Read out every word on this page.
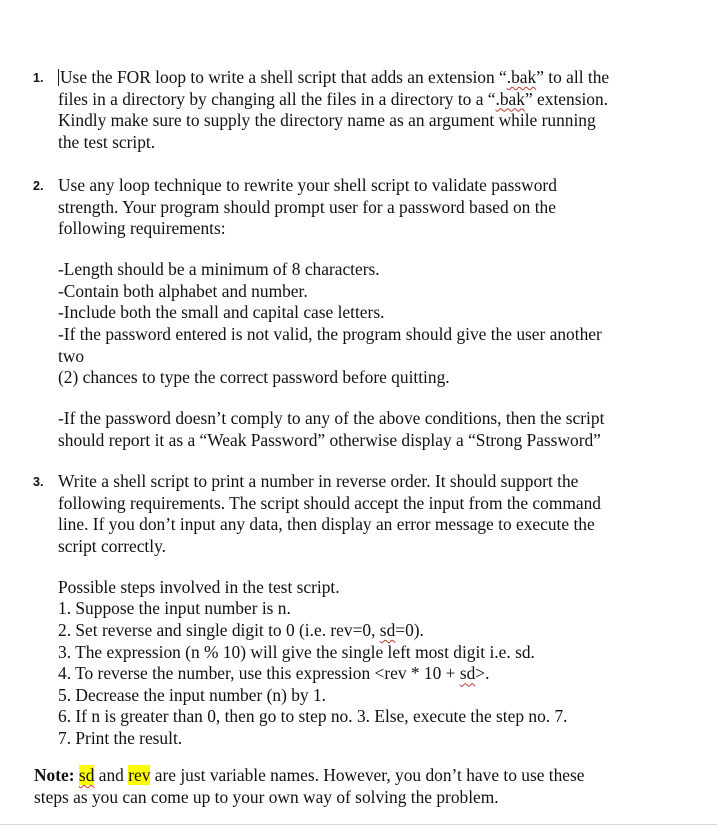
1. Use the FOR loop to write a shell script that adds an extension “.bak” to all the
files in a directory by changing all the files in a directory to a “.bak” extension.
Kindly make sure to supply the directory name as an argument while running
the test script.
2. Use any loop technique to rewrite your shell script to validate password
strength. Your program should prompt user for a password based on the
following requirements:
-Length should be a minimum of 8 characters.
-Contain both alphabet and number.
-Include both the small and capital case letters.
-If the password entered is not valid, the program should give the user another
two
(2) chances to type the correct password before quitting.
-If the password doesn’t comply to any of the above conditions, then the script
should report it as a “Weak Password” otherwise display a “Strong Password”
3. Write a shell script to print a number in reverse order. It should support the
following requirements. The script should accept the input from the command
line. If you don’t input any data, then display an error message to execute the
script correctly.
Possible steps involved in the test script.
1. Suppose the input number is n.
2. Set reverse and single digit to 0 (i.e. rev=0, sd=0).
3. The expression (n % 10) will give the single left most digit i.e. sd.
4. To reverse the number, use this expression <rev * 10 + sd>.
5. Decrease the input number (n) by 1.
6. If n is greater than 0, then go to step no. 3. Else, execute the step no. 7.
7. Print the result.
Note: sd and rev are just variable names. However, you don’t have to use these
steps as you can come up to your own way of solving the problem.
